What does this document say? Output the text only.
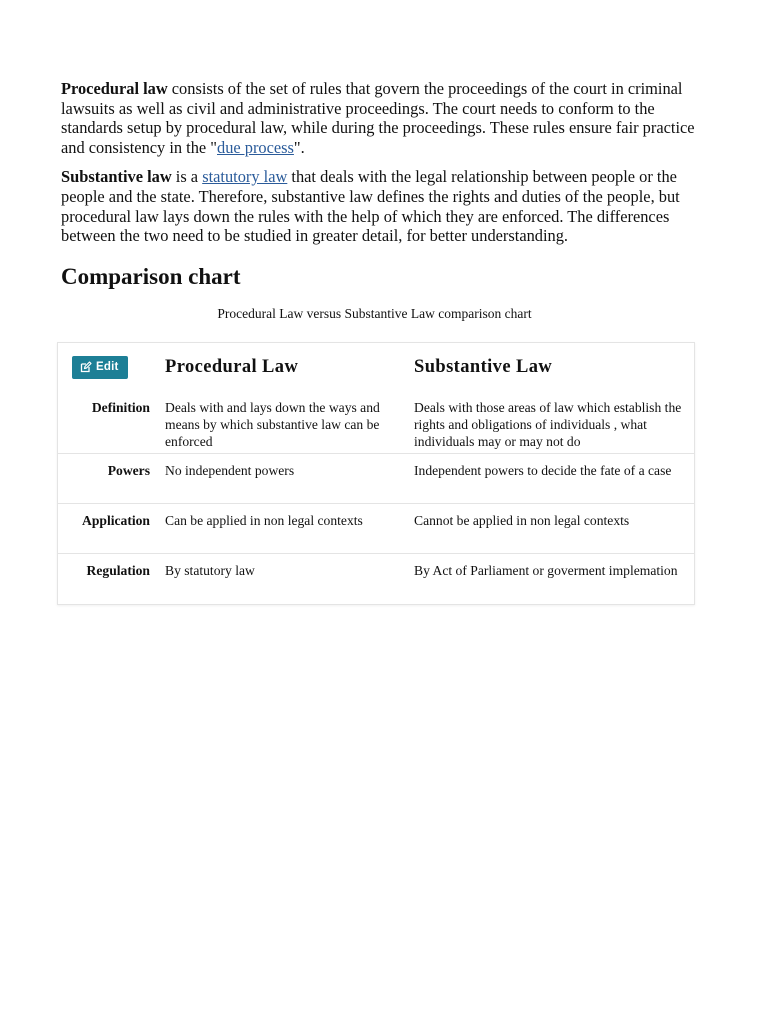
Procedural law consists of the set of rules that govern the proceedings of the court in criminal lawsuits as well as civil and administrative proceedings. The court needs to conform to the standards setup by procedural law, while during the proceedings. These rules ensure fair practice and consistency in the "due process".

Substantive law is a statutory law that deals with the legal relationship between people or the people and the state. Therefore, substantive law defines the rights and duties of the people, but procedural law lays down the rules with the help of which they are enforced. The differences between the two need to be studied in greater detail, for better understanding.

Comparison chart
Procedural Law versus Substantive Law comparison chart
Edit	Procedural Law	Substantive Law
Definition	Deals with and lays down the ways and means by which substantive law can be enforced	Deals with those areas of law which establish the rights and obligations of individuals , what individuals may or may not do
Powers	No independent powers	Independent powers to decide the fate of a case
Application	Can be applied in non legal contexts	Cannot be applied in non legal contexts
Regulation	By statutory law	By Act of Parliament or goverment implemation
